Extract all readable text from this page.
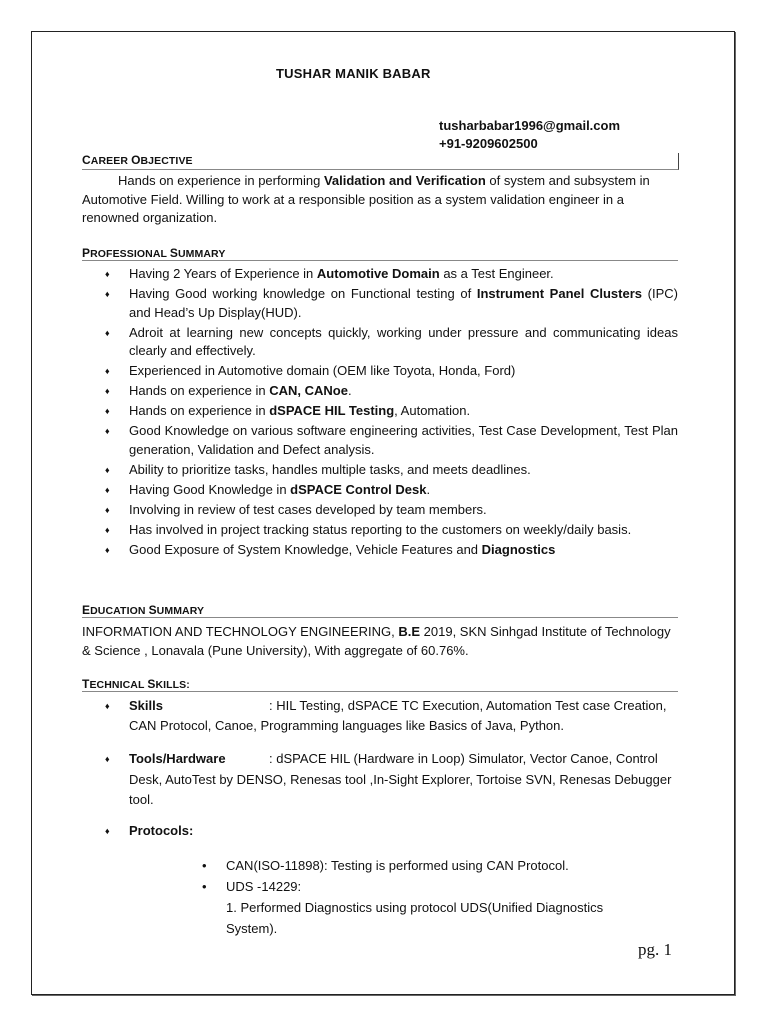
TUSHAR MANIK BABAR
tusharbabar1996@gmail.com
+91-9209602500
CAREER OBJECTIVE
Hands on experience in performing Validation and Verification of system and subsystem in Automotive Field. Willing to work at a responsible position as a system validation engineer in a renowned organization.
PROFESSIONAL SUMMARY
♦ Having 2 Years of Experience in Automotive Domain as a Test Engineer.
♦ Having Good working knowledge on Functional testing of Instrument Panel Clusters (IPC) and Head’s Up Display(HUD).
♦ Adroit at learning new concepts quickly, working under pressure and communicating ideas clearly and effectively.
♦ Experienced in Automotive domain (OEM like Toyota, Honda, Ford)
♦ Hands on experience in CAN, CANoe.
♦ Hands on experience in dSPACE HIL Testing, Automation.
♦ Good Knowledge on various software engineering activities, Test Case Development, Test Plan generation, Validation and Defect analysis.
♦ Ability to prioritize tasks, handles multiple tasks, and meets deadlines.
♦ Having Good Knowledge in dSPACE Control Desk.
♦ Involving in review of test cases developed by team members.
♦ Has involved in project tracking status reporting to the customers on weekly/daily basis.
♦ Good Exposure of System Knowledge, Vehicle Features and Diagnostics
EDUCATION SUMMARY
INFORMATION AND TECHNOLOGY ENGINEERING, B.E 2019, SKN Sinhgad Institute of Technology & Science , Lonavala (Pune University), With aggregate of 60.76%.
TECHNICAL SKILLS:
♦ Skills	: HIL Testing, dSPACE TC Execution, Automation Test case Creation, CAN Protocol, Canoe, Programming languages like Basics of Java, Python.
♦ Tools/Hardware	: dSPACE HIL (Hardware in Loop) Simulator, Vector Canoe, Control Desk, AutoTest by DENSO, Renesas tool ,In-Sight Explorer, Tortoise SVN, Renesas Debugger tool.
♦ Protocols:
• CAN(ISO-11898): Testing is performed using CAN Protocol.
• UDS -14229:
1. Performed Diagnostics using protocol UDS(Unified Diagnostics System).
pg. 1
